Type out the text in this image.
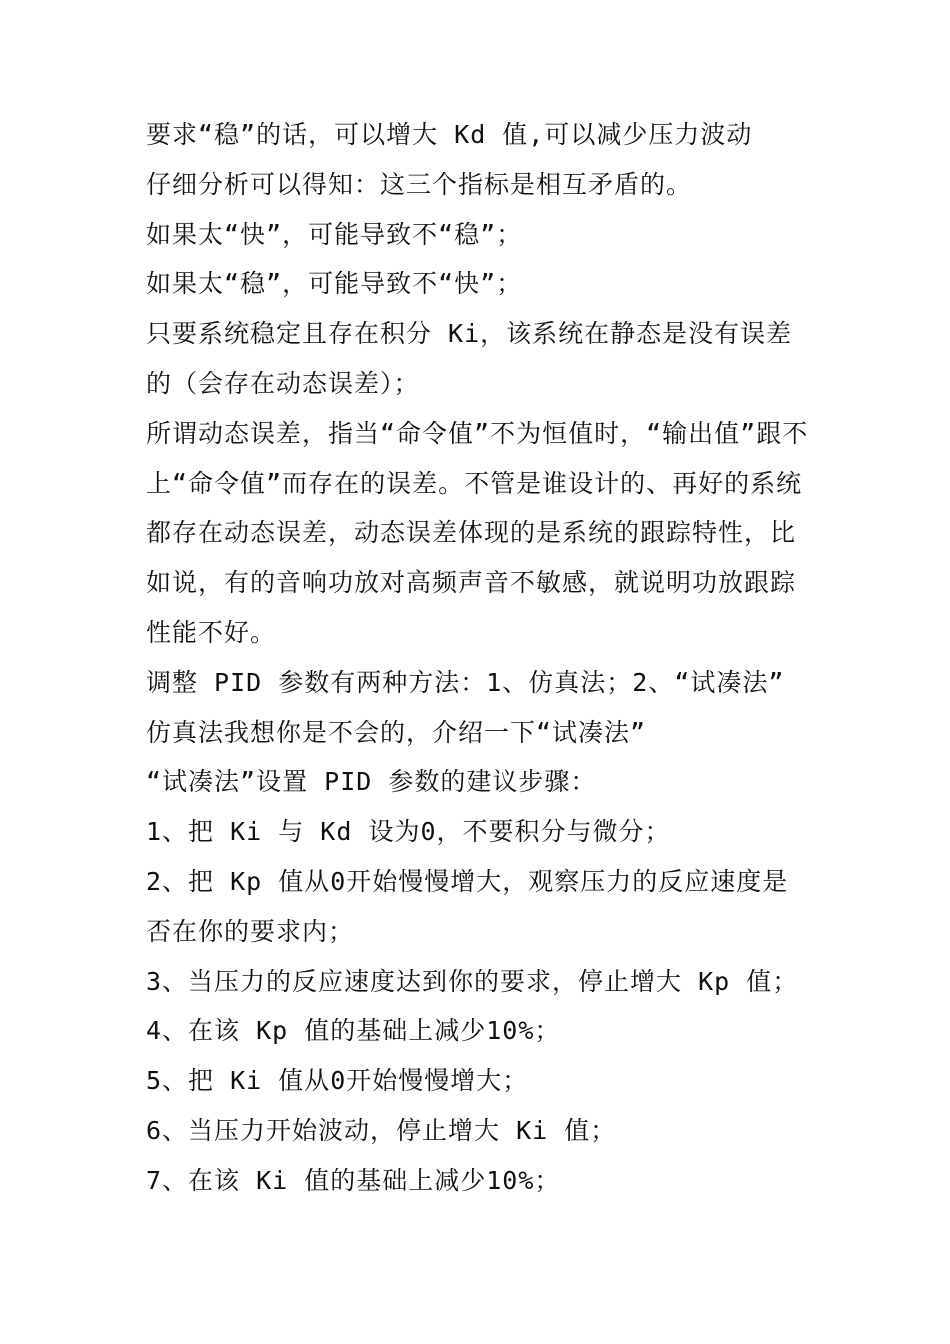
要求“稳”的话，可以增大 Kd 值,可以减少压力波动

仔细分析可以得知：这三个指标是相互矛盾的。

如果太“快”，可能导致不“稳”；

如果太“稳”，可能导致不“快”；

只要系统稳定且存在积分 Ki，该系统在静态是没有误差的（会存在动态误差）；

所谓动态误差，指当“命令值”不为恒值时，“输出值”跟不上“命令值”而存在的误差。不管是谁设计的、再好的系统都存在动态误差，动态误差体现的是系统的跟踪特性，比如说，有的音响功放对高频声音不敏感，就说明功放跟踪性能不好。

调整 PID 参数有两种方法：1、仿真法；2、“试凑法”

仿真法我想你是不会的，介绍一下“试凑法”

“试凑法”设置 PID 参数的建议步骤：

1、把 Ki 与 Kd 设为0，不要积分与微分；

2、把 Kp 值从0开始慢慢增大，观察压力的反应速度是否在你的要求内；

3、当压力的反应速度达到你的要求，停止增大 Kp 值；

4、在该 Kp 值的基础上减少10%；

5、把 Ki 值从0开始慢慢增大；

6、当压力开始波动，停止增大 Ki 值；

7、在该 Ki 值的基础上减少10%；
